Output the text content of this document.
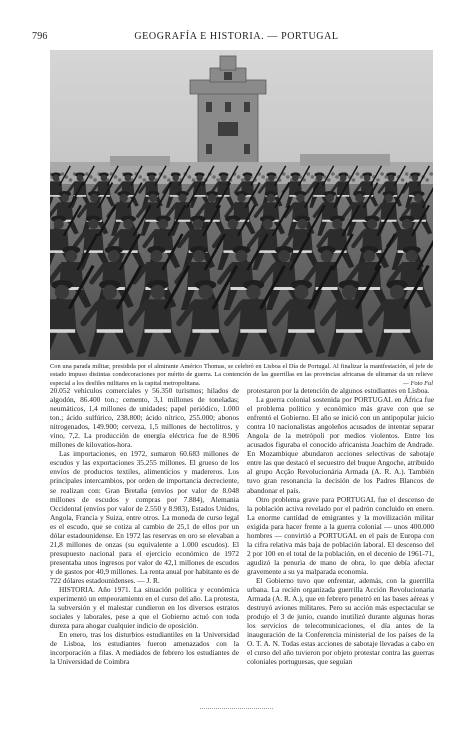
796	GEOGRAFÍA E HISTORIA. — PORTUGAL
Con una parada militar, presidida por el almirante Américo Thomas, se celebró en Lisboa el Día de Portugal. Al finalizar la manifestación, el jefe de estado impuso distintas condecoraciones por mérito de guerra. La contención de las guerrillas en las provincias africanas de ultramar da un relieve especial a los desfiles militares en la capital metropolitana.	— Foto Ful

20.052 vehículos comerciales y 56.350 turismos; hilados de algodón, 86.400 ton.; cemento, 3,1 millones de toneladas; neumáticos, 1,4 millones de unidades; papel periódico, 1.000 ton.; ácido sulfúrico, 238.800; ácido nítrico, 255.000; abonos nitrogenados, 149.900; cerveza, 1,5 millones de hectolitros, y vino, 7,2. La producción de energía eléctrica fue de 8.906 millones de kilovatios-hora.

Las importaciones, en 1972, sumaron 60.683 millones de escudos y las exportaciones 35.255 millones. El grueso de los envíos de productos textiles, alimenticios y madereros. Los principales intercambios, por orden de importancia decreciente, se realizan con: Gran Bretaña (envíos por valor de 8.048 millones de escudos y compras por 7.884), Alemania Occidental (envíos por valor de 2.550 y 8.983), Estados Unidos, Angola, Francia y Suiza, entre otros. La moneda de curso legal es el escudo, que se cotiza al cambio de 25,1 de ellos por un dólar estadounidense. En 1972 las reservas en oro se elevaban a 21,8 millones de onzas (su equivalente a 1.000 escudos). El presupuesto nacional para el ejercicio económico de 1972 presentaba unos ingresos por valor de 42,1 millones de escudos y de gastos por 40,9 millones. La renta anual por habitante es de 722 dólares estadounidenses. — J. R.

HISTORIA. Año 1971. La situación política y económica experimentó un empeoramiento en el curso del año. La protesta, la subversión y el malestar cundieron en los diversos estratos sociales y laborales, pese a que el Gobierno actuó con toda dureza para ahogar cualquier indicio de oposición.

En enero, tras los disturbios estudiantiles en la Universidad de Lisboa, los estudiantes fueron amenazados con la incorporación a filas. A mediados de febrero los estudiantes de la Universidad de Coimbra

protestaron por la detención de algunos estudiantes en Lisboa.

La guerra colonial sostenida por PORTUGAL en África fue el problema político y económico más grave con que se enfrentó el Gobierno. El año se inició con un antipopular juicio contra 10 nacionalistas angoleños acusados de intentar separar Angola de la metrópoli por medios violentos. Entre los acusados figuraba el conocido africanista Joachim de Andrade. En Mozambique abundaron acciones selectivas de sabotaje entre las que destacó el secuestro del buque Angoche, atribuido al grupo Acção Revolucionária Armada (A. R. A.). También tuvo gran resonancia la decisión de los Padres Blancos de abandonar el país.

Otro problema grave para PORTUGAL fue el descenso de la población activa revelado por el padrón concluido en enero. La enorme cantidad de emigrantes y la movilización militar exigida para hacer frente a la guerra colonial — unos 400.000 hombres — convirtió a PORTUGAL en el país de Europa con la cifra relativa más baja de población laboral. El descenso del 2 por 100 en el total de la población, en el decenio de 1961-71, agudizó la penuria de mano de obra, lo que debía afectar gravemente a su ya malparada economía.

El Gobierno tuvo que enfrentar, además, con la guerrilla urbana. La recién organizada guerrilla Acción Revolucionaria Armada (A. R. A.), que en febrero penetró en las bases aéreas y destruyó aviones militares. Pero su acción más espectacular se produjo el 3 de junio, cuando inutilizó durante algunas horas los servicios de telecomunicaciones, el día antes de la inauguración de la Conferencia ministerial de los países de la O. T. A. N. Todas estas acciones de sabotaje llevadas a cabo en el curso del año tuvieron por objeto protestar contra las guerras coloniales portuguesas, que seguían
